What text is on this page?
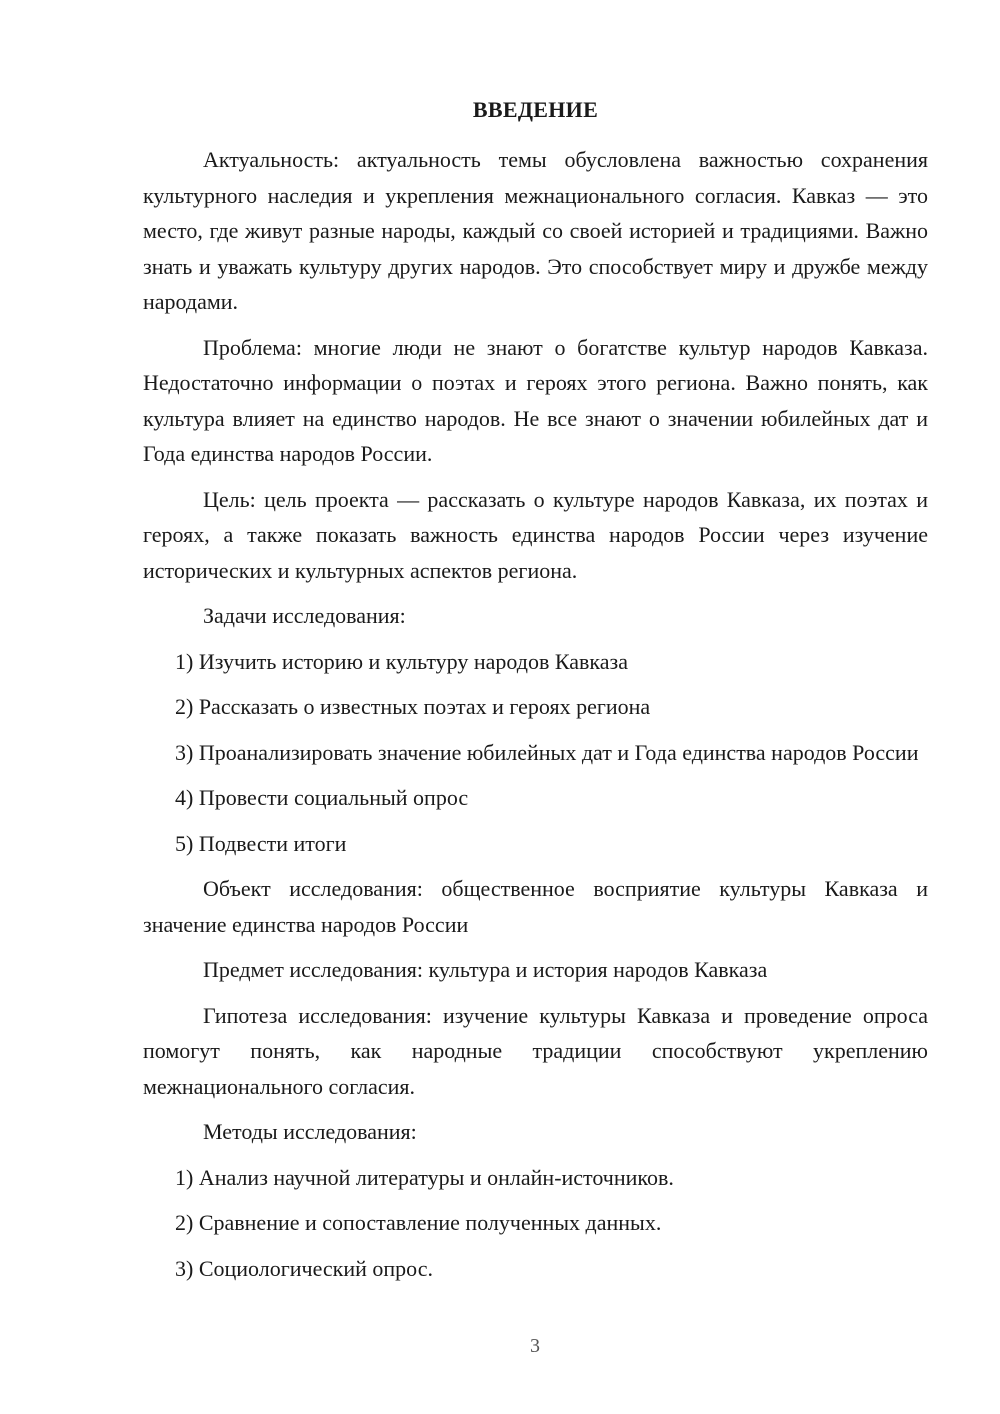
ВВЕДЕНИЕ

Актуальность: актуальность темы обусловлена важностью сохранения культурного наследия и укрепления межнационального согласия. Кавказ — это место, где живут разные народы, каждый со своей историей и традициями. Важно знать и уважать культуру других народов. Это способствует миру и дружбе между народами.

Проблема: многие люди не знают о богатстве культур народов Кавказа. Недостаточно информации о поэтах и героях этого региона. Важно понять, как культура влияет на единство народов. Не все знают о значении юбилейных дат и Года единства народов России.

Цель: цель проекта — рассказать о культуре народов Кавказа, их поэтах и героях, а также показать важность единства народов России через изучение исторических и культурных аспектов региона.

Задачи исследования:

1) Изучить историю и культуру народов Кавказа

2) Рассказать о известных поэтах и героях региона

3) Проанализировать значение юбилейных дат и Года единства народов России

4) Провести социальный опрос

5) Подвести итоги

Объект исследования: общественное восприятие культуры Кавказа и значение единства народов России

Предмет исследования: культура и история народов Кавказа

Гипотеза исследования: изучение культуры Кавказа и проведение опроса помогут понять, как народные традиции способствуют укреплению межнационального согласия.

Методы исследования:

1) Анализ научной литературы и онлайн-источников.

2) Сравнение и сопоставление полученных данных.

3) Социологический опрос.

3
